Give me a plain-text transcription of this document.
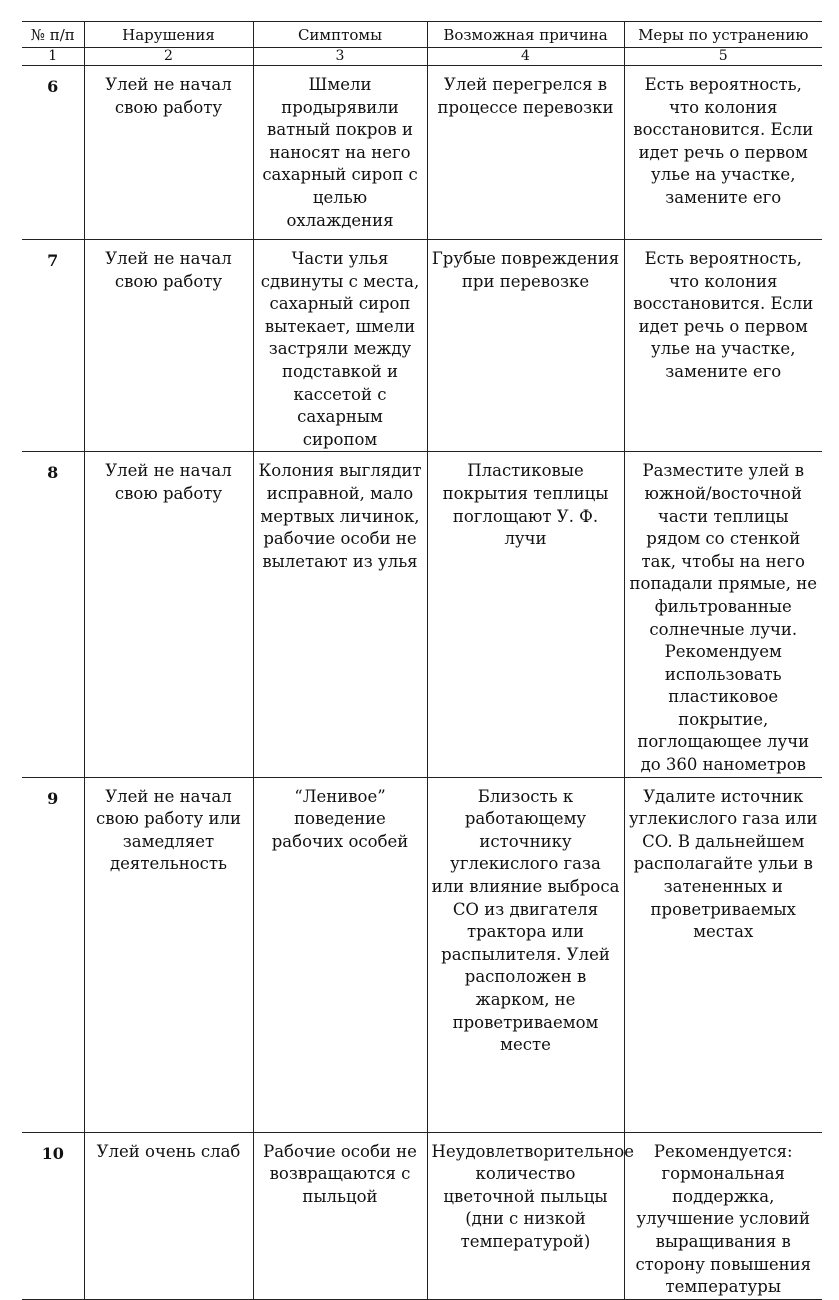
№ п/п	Нарушения	Симптомы	Возможная причина	Меры по устранению
1	2	3	4	5
6	Улей не начал свою работу	Шмели продырявили ватный покров и наносят на него сахарный сироп с целью охлаждения	Улей перегрелся в процессе перевозки	Есть вероятность, что колония восстановится. Если идет речь о первом улье на участке, замените его
7	Улей не начал свою работу	Части улья сдвинуты с места, сахарный сироп вытекает, шмели застряли между подставкой и кассетой с сахарным сиропом	Грубые повреждения при перевозке	Есть вероятность, что колония восстановится. Если идет речь о первом улье на участке, замените его
8	Улей не начал свою работу	Колония выглядит исправной, мало мертвых личинок, рабочие особи не вылетают из улья	Пластиковые покрытия теплицы поглощают У. Ф. лучи	Разместите улей в южной/восточной части теплицы рядом со стенкой так, чтобы на него попадали прямые, не фильтрованные солнечные лучи. Рекомендуем использовать пластиковое покрытие, поглощающее лучи до 360 нанометров
9	Улей не начал свою работу или замедляет деятельность	“Ленивое” поведение рабочих особей	Близость к работающему источнику углекислого газа или влияние выброса CO из двигателя трактора или распылителя. Улей расположен в жарком, не проветриваемом месте	Удалите источник углекислого газа или CO. В дальнейшем располагайте ульи в затененных и проветриваемых местах
10	Улей очень слаб	Рабочие особи не возвращаются с пыльцой	Неудовлетворительное количество цветочной пыльцы (дни с низкой температурой)	Рекомендуется: гормональная поддержка, улучшение условий выращивания в сторону повышения температуры
